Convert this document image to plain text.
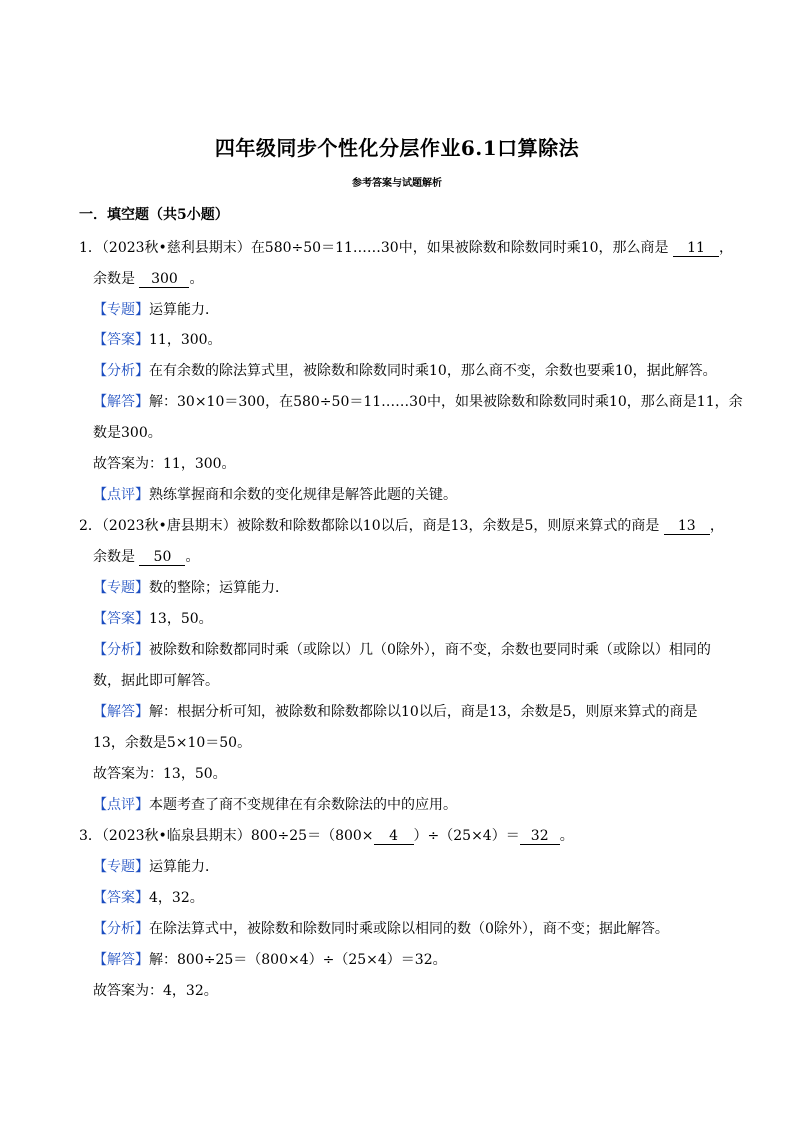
四年级同步个性化分层作业6.1口算除法
参考答案与试题解析
一．填空题（共5小题）
1．（2023秋•慈利县期末）在580÷50＝11……30中，如果被除数和除数同时乘10，那么商是 11 ，
余数是 300 。
【专题】运算能力．
【答案】11，300。
【分析】在有余数的除法算式里，被除数和除数同时乘10，那么商不变，余数也要乘10，据此解答。
【解答】解：30×10＝300，在580÷50＝11……30中，如果被除数和除数同时乘10，那么商是11，余
数是300。
故答案为：11，300。
【点评】熟练掌握商和余数的变化规律是解答此题的关键。
2．（2023秋•唐县期末）被除数和除数都除以10以后，商是13，余数是5，则原来算式的商是 13 ，
余数是 50 。
【专题】数的整除；运算能力．
【答案】13，50。
【分析】被除数和除数都同时乘（或除以）几（0除外），商不变，余数也要同时乘（或除以）相同的
数，据此即可解答。
【解答】解：根据分析可知，被除数和除数都除以10以后，商是13，余数是5，则原来算式的商是
13，余数是5×10＝50。
故答案为：13，50。
【点评】本题考查了商不变规律在有余数除法的中的应用。
3．（2023秋•临泉县期末）800÷25＝（800× 4 ）÷（25×4）＝ 32 。
【专题】运算能力．
【答案】4，32。
【分析】在除法算式中，被除数和除数同时乘或除以相同的数（0除外），商不变；据此解答。
【解答】解：800÷25＝（800×4）÷（25×4）＝32。
故答案为：4，32。
